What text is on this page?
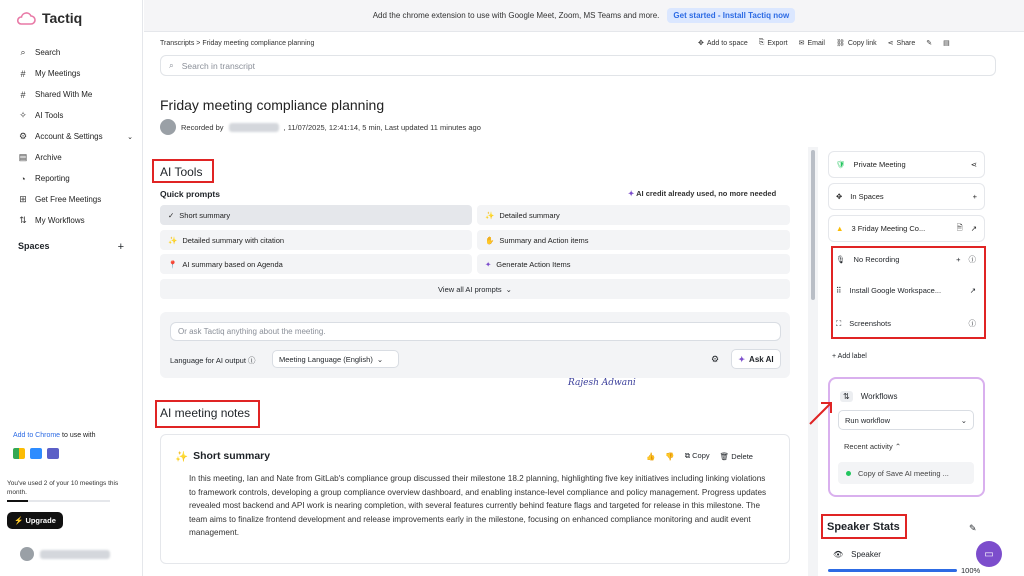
Tactiq
⌕	Search
#	My Meetings
#	Shared With Me
✧ AI Tools
⚙ Account & Settings	⌄
▤ Archive
◔ Reporting
⊞ Get Free Meetings
⇅ My Workflows
Spaces	+
Add to Chrome to use with
You've used 2 of your 10 meetings this month.
⚡ Upgrade
Add the chrome extension to use with Google Meet, Zoom, MS Teams and more.	Get started - Install Tactiq now
Transcripts > Friday meeting compliance planning	✥ Add to space ⎘ Export ✉ Email ⛓ Copy link ⋖ Share ✎ ▤
⌕ Search in transcript
Friday meeting compliance planning
Recorded by	, 11/07/2025, 12:41:14, 5 min, Last updated 11 minutes ago
AI Tools
Quick prompts	✦ AI credit already used, no more needed
✓ Short summary	✨ Detailed summary
✨ Detailed summary with citation	✋ Summary and Action items
📍 AI summary based on Agenda	✦ Generate Action Items
View all AI prompts ⌄
Or ask Tactiq anything about the meeting.
Language for AI output ⓘ	Meeting Language (English) ⌄	⚙ ✦ Ask AI
Rajesh Adwani
AI meeting notes
✨ Short summary	👍 👎 ⧉ Copy 🗑 Delete
In this meeting, Ian and Nate from GitLab's compliance group discussed their milestone 18.2 planning, highlighting five key initiatives including linking violations to framework controls, developing a group compliance overview dashboard, and enabling instance-level compliance and policy management. Progress updates revealed most backend and API work is nearing completion, with several features currently behind feature flags and targeted for release in this milestone. The team aims to finalize frontend development and release improvements early in the milestone, focusing on enhanced compliance monitoring and audit event management.
🛡 Private Meeting	⋖
✥ In Spaces	+
▲ 3 Friday Meeting Co...	🗎 ↗
🎙 No Recording	+ ⓘ
⠿ Install Google Workspace...	↗
⛶ Screenshots	ⓘ
+ Add label
⇅	Workflows
Run workflow	⌄
Recent activity ⌃
Copy of Save AI meeting ...
Speaker Stats	✎
👁 Speaker
100%
▭
